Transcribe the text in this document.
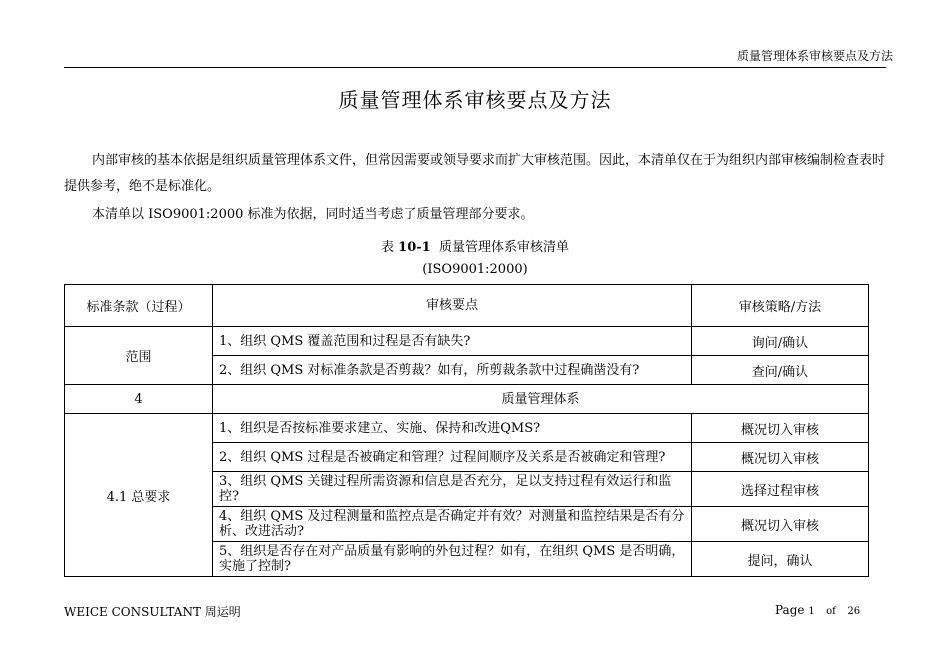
质量管理体系审核要点及方法
质量管理体系审核要点及方法
内部审核的基本依据是组织质量管理体系文件，但常因需要或领导要求而扩大审核范围。因此，本清单仅在于为组织内部审核编制检查表时提供参考，绝不是标准化。
本清单以 ISO9001:2000 标准为依据，同时适当考虑了质量管理部分要求。
表 10-1 质量管理体系审核清单
(ISO9001:2000)
标准条款（过程）	审核要点	审核策略/方法
范围	1、组织 QMS 覆盖范围和过程是否有缺失?	询问/确认
	2、组织 QMS 对标准条款是否剪裁？如有，所剪裁条款中过程确凿没有?	查问/确认
4	质量管理体系	
4.1 总要求	1、组织是否按标准要求建立、实施、保持和改进QMS?	概况切入审核
	2、组织 QMS 过程是否被确定和管理？过程间顺序及关系是否被确定和管理?	概况切入审核
	3、组织 QMS 关键过程所需资源和信息是否充分，足以支持过程有效运行和监控?	选择过程审核
	4、组织 QMS 及过程测量和监控点是否确定并有效？对测量和监控结果是否有分析、改进活动?	概况切入审核
	5、组织是否存在对产品质量有影响的外包过程？如有，在组织 QMS 是否明确，实施了控制?	提问，确认
WEICE CONSULTANT 周运明	Page 1 of 26
